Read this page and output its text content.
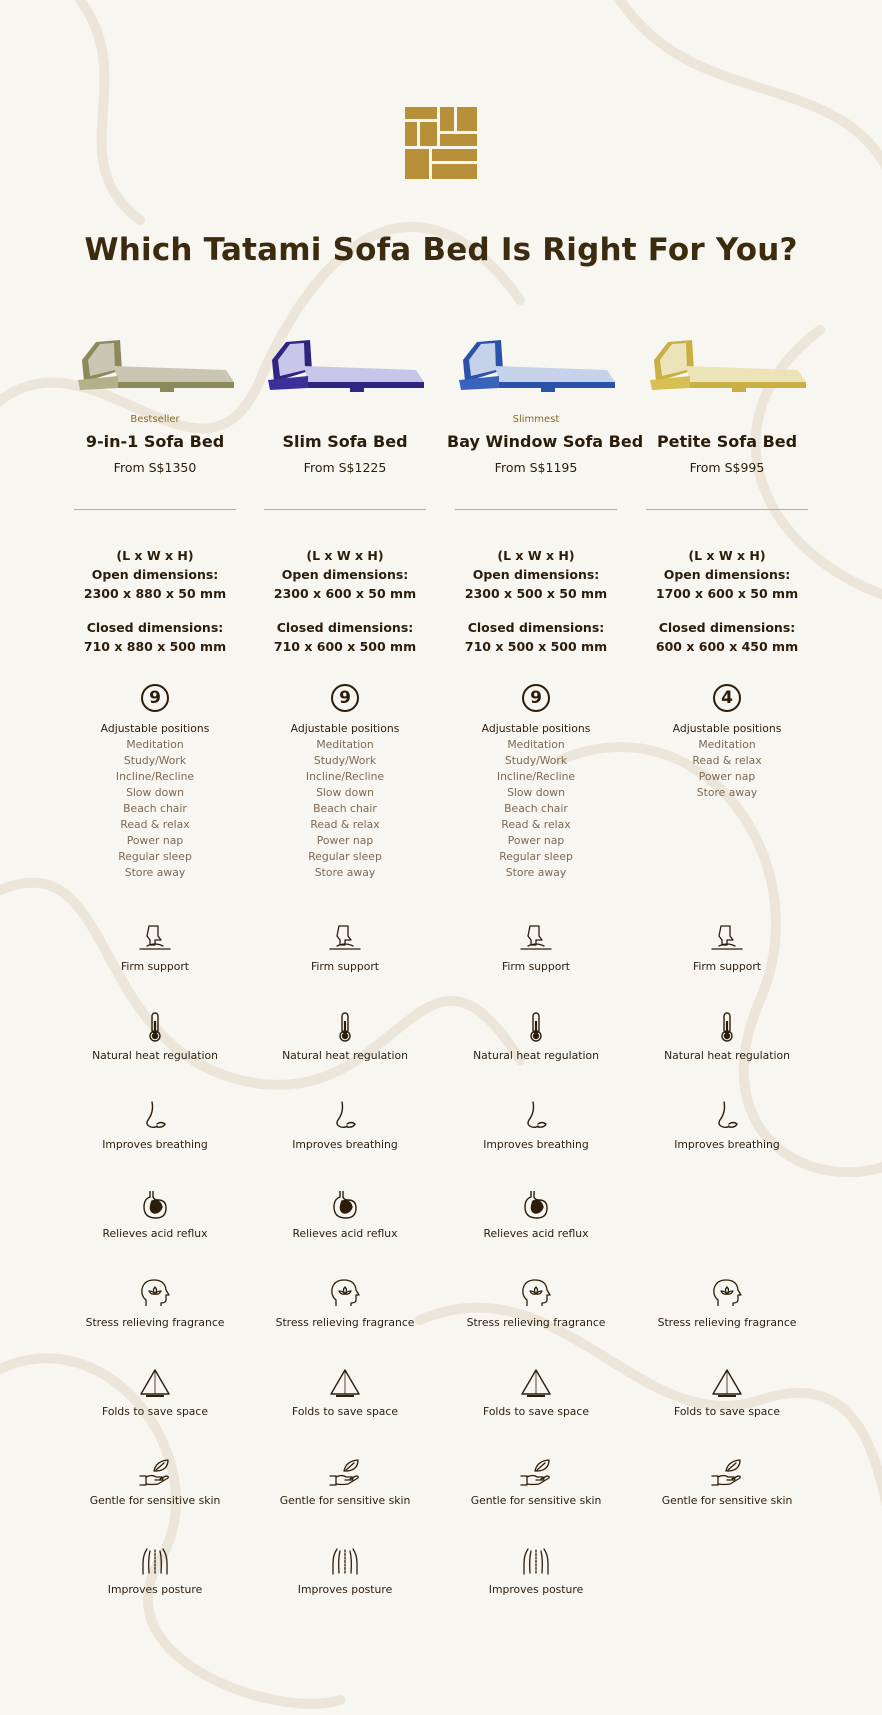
Which Tatami Sofa Bed Is Right For You?
Bestseller
9-in-1 Sofa Bed
From S$1350
(L x W x H)
Open dimensions:
2300 x 880 x 50 mm
Closed dimensions:
710 x 880 x 500 mm
9
Adjustable positions
Meditation
Study/Work
Incline/Recline
Slow down
Beach chair
Read & relax
Power nap
Regular sleep
Store away
Slim Sofa Bed
From S$1225
(L x W x H)
Open dimensions:
2300 x 600 x 50 mm
Closed dimensions:
710 x 600 x 500 mm
9
Adjustable positions
Meditation
Study/Work
Incline/Recline
Slow down
Beach chair
Read & relax
Power nap
Regular sleep
Store away
Slimmest
Bay Window Sofa Bed
From S$1195
(L x W x H)
Open dimensions:
2300 x 500 x 50 mm
Closed dimensions:
710 x 500 x 500 mm
9
Adjustable positions
Meditation
Study/Work
Incline/Recline
Slow down
Beach chair
Read & relax
Power nap
Regular sleep
Store away
Petite Sofa Bed
From S$995
(L x W x H)
Open dimensions:
1700 x 600 x 50 mm
Closed dimensions:
600 x 600 x 450 mm
4
Adjustable positions
Meditation
Read & relax
Power nap
Store away
Firm support
Natural heat regulation
Improves breathing
Relieves acid reflux
Stress relieving fragrance
Folds to save space
Gentle for sensitive skin
Improves posture
Firm support
Natural heat regulation
Improves breathing
Relieves acid reflux
Stress relieving fragrance
Folds to save space
Gentle for sensitive skin
Improves posture
Firm support
Natural heat regulation
Improves breathing
Relieves acid reflux
Stress relieving fragrance
Folds to save space
Gentle for sensitive skin
Improves posture
Firm support
Natural heat regulation
Improves breathing
Stress relieving fragrance
Folds to save space
Gentle for sensitive skin
